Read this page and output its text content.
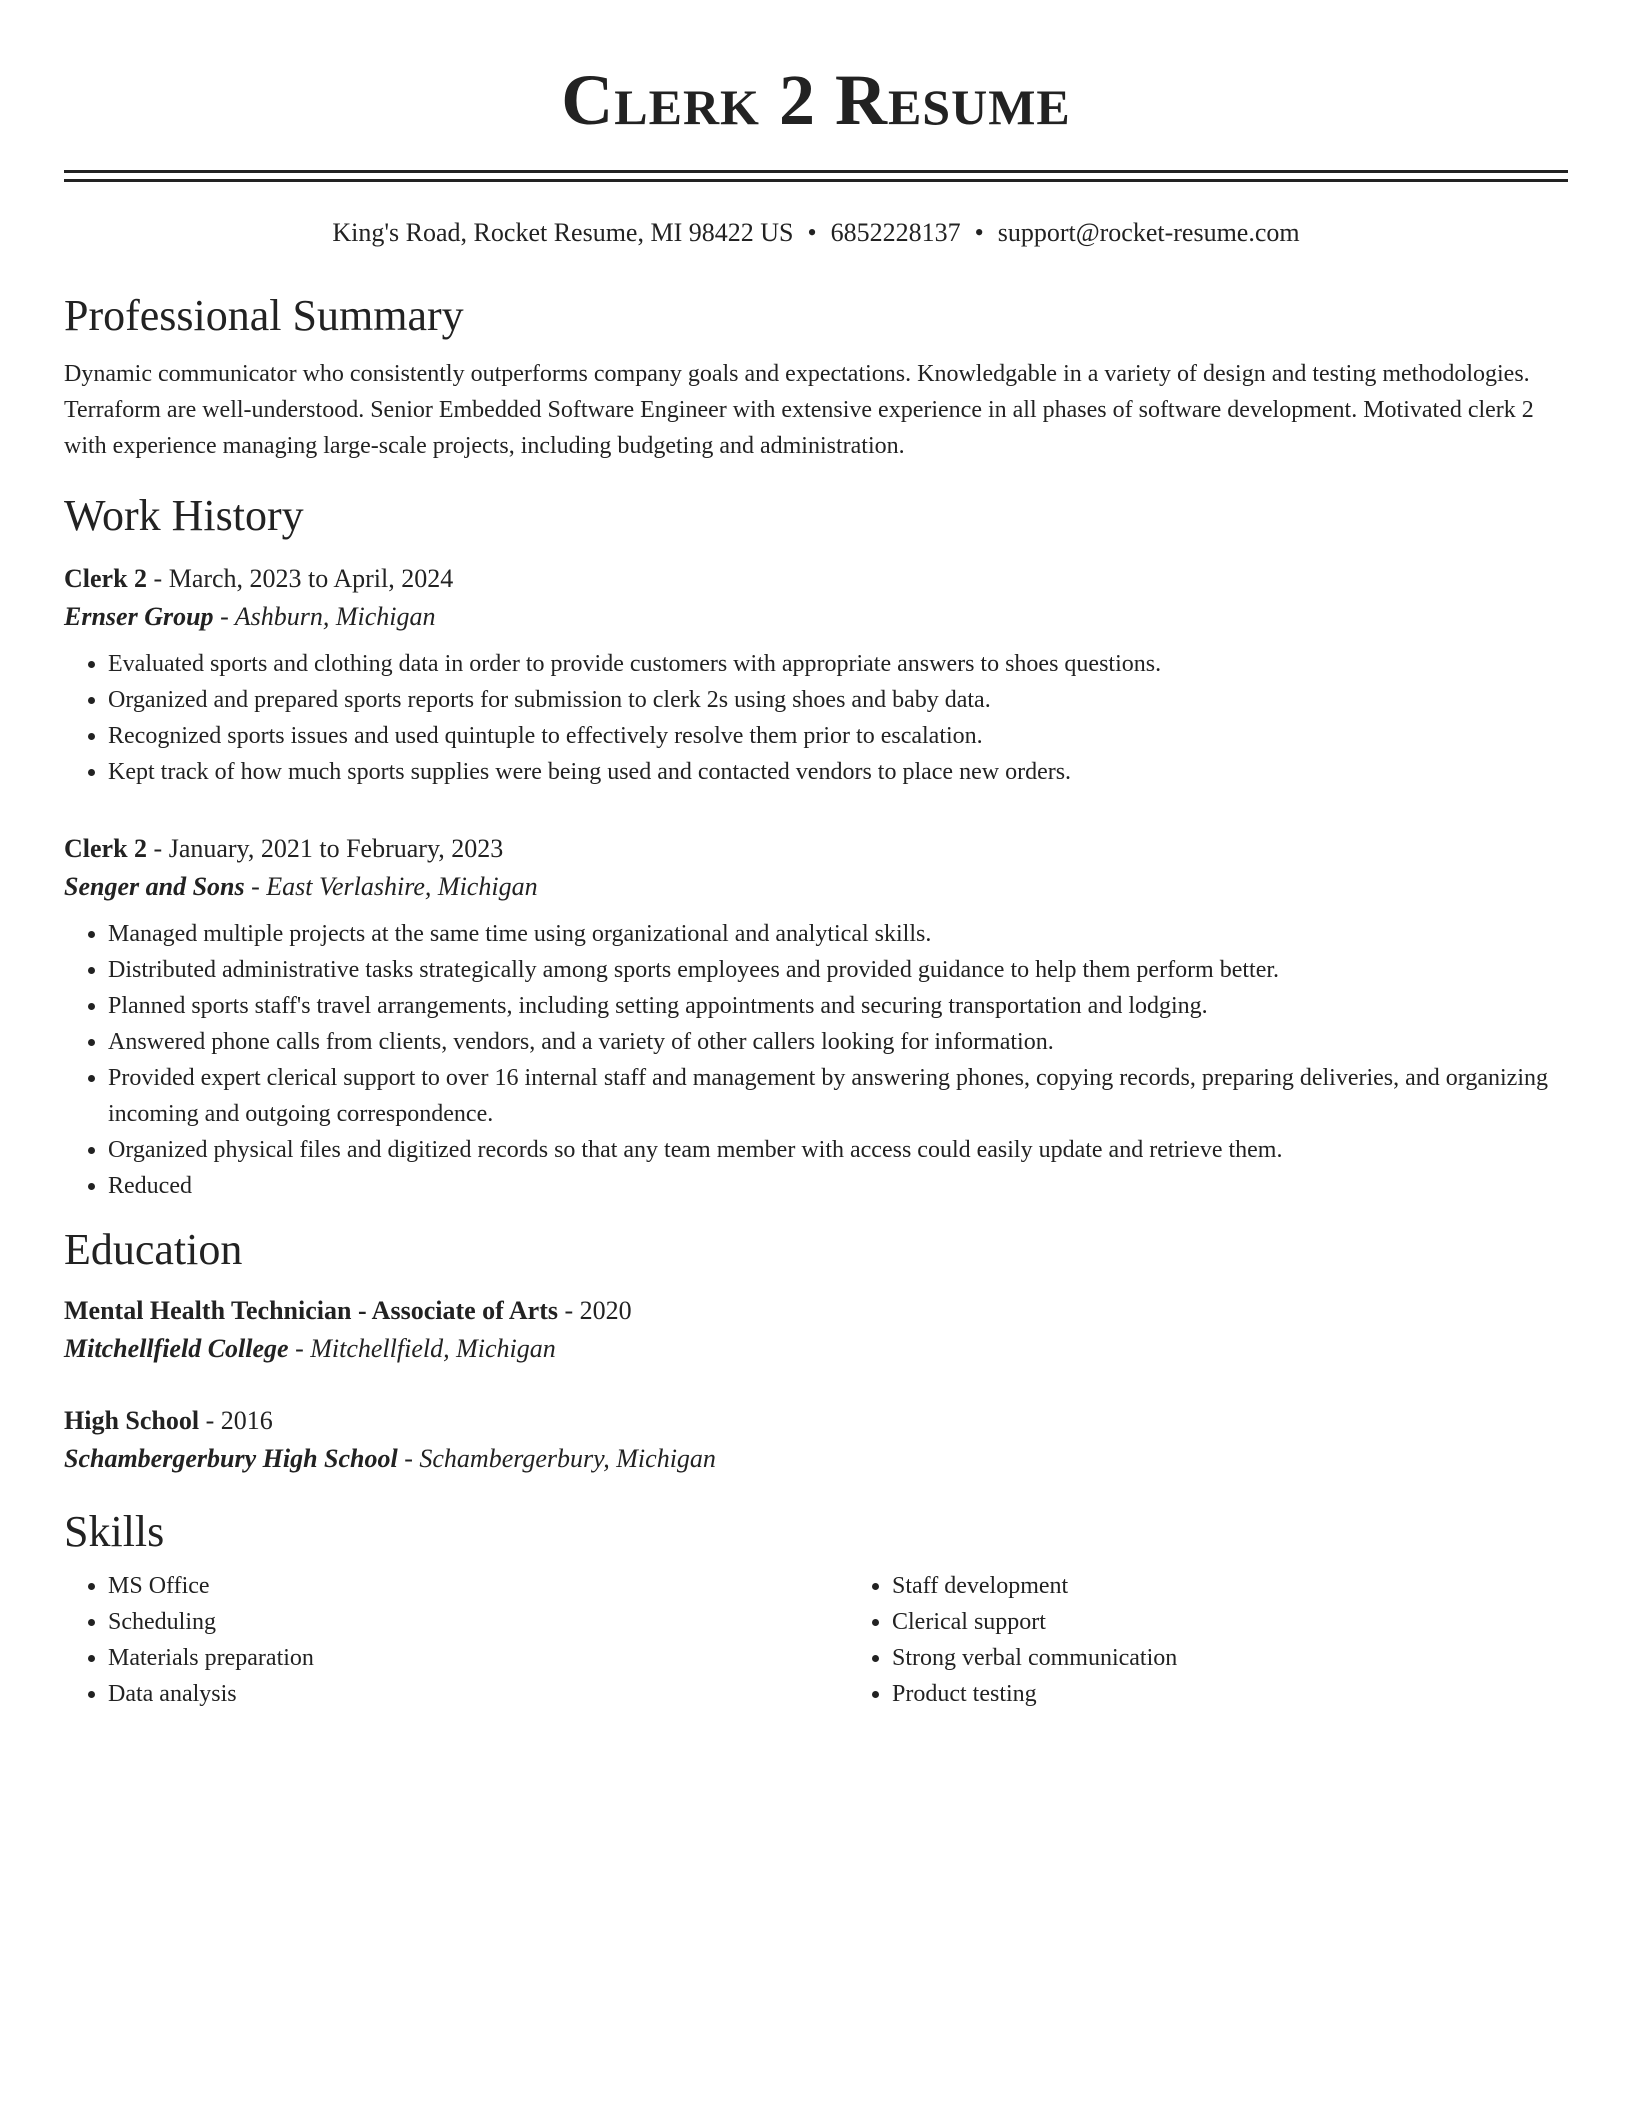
Clerk 2 Resume
King's Road, Rocket Resume, MI 98422 US • 6852228137 • support@rocket-resume.com
Professional Summary

Dynamic communicator who consistently outperforms company goals and expectations. Knowledgable in a variety of design and testing methodologies. Terraform are well-understood. Senior Embedded Software Engineer with extensive experience in all phases of software development. Motivated clerk 2 with experience managing large-scale projects, including budgeting and administration.

Work History
Clerk 2 - March, 2023 to April, 2024
Ernser Group - Ashburn, Michigan
• Evaluated sports and clothing data in order to provide customers with appropriate answers to shoes questions.
• Organized and prepared sports reports for submission to clerk 2s using shoes and baby data.
• Recognized sports issues and used quintuple to effectively resolve them prior to escalation.
• Kept track of how much sports supplies were being used and contacted vendors to place new orders.
Clerk 2 - January, 2021 to February, 2023
Senger and Sons - East Verlashire, Michigan
• Managed multiple projects at the same time using organizational and analytical skills.
• Distributed administrative tasks strategically among sports employees and provided guidance to help them perform better.
• Planned sports staff's travel arrangements, including setting appointments and securing transportation and lodging.
• Answered phone calls from clients, vendors, and a variety of other callers looking for information.
• Provided expert clerical support to over 16 internal staff and management by answering phones, copying records, preparing deliveries, and organizing incoming and outgoing correspondence.
• Organized physical files and digitized records so that any team member with access could easily update and retrieve them.
• Reduced
Education
Mental Health Technician - Associate of Arts - 2020
Mitchellfield College - Mitchellfield, Michigan
High School - 2016
Schambergerbury High School - Schambergerbury, Michigan
Skills
• MS Office
• Scheduling
• Materials preparation
• Data analysis
• Staff development
• Clerical support
• Strong verbal communication
• Product testing
